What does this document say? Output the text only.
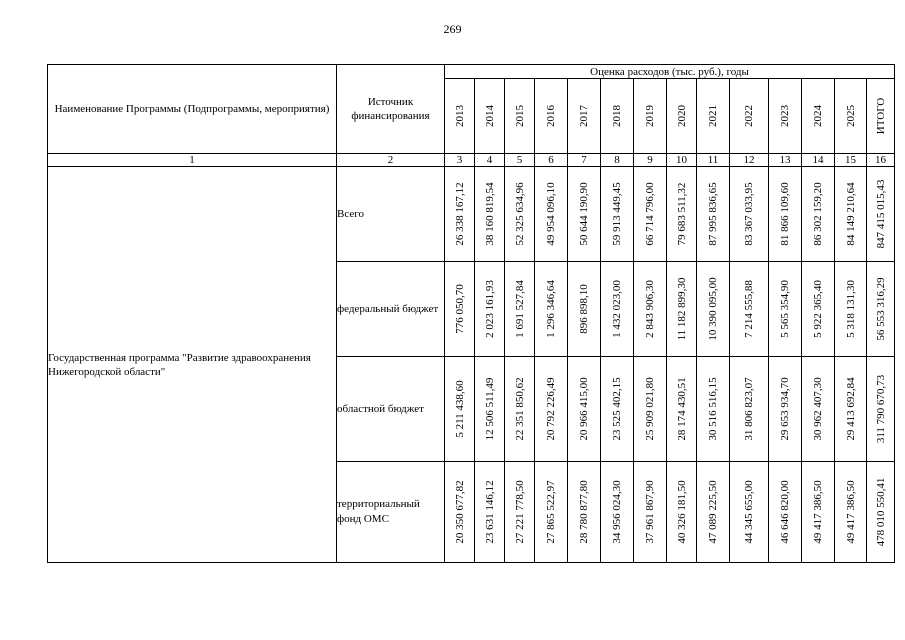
269
Наименование Программы (Подпрограммы, мероприятия)	Источник финансирования	Оценка расходов (тыс. руб.), годы													

		2013	2014	2015	2016	2017	2018	2019	2020	2021	2022	2023	2024	2025	ИТОГО

1	2	3	4	5	6	7	8	9	10	11	12	13	14	15	16
Государственная программа "Развитие здравоохранения Нижегородской области"	Всего	26 338 167,12	38 160 819,54	52 325 634,96	49 954 096,10	50 644 190,90	59 913 449,45	66 714 796,00	79 683 511,32	87 995 836,65	83 367 033,95	81 866 109,60	86 302 159,20	84 149 210,64	847 415 015,43

	федеральный бюджет	776 050,70	2 023 161,93	1 691 527,84	1 296 346,64	896 898,10	1 432 023,00	2 843 906,30	11 182 899,30	10 390 095,00	7 214 555,88	5 565 354,90	5 922 365,40	5 318 131,30	56 553 316,29

	областной бюджет	5 211 438,60	12 506 511,49	22 351 850,62	20 792 226,49	20 966 415,00	23 525 402,15	25 909 021,80	28 174 430,51	30 516 516,15	31 806 823,07	29 653 934,70	30 962 407,30	29 413 692,84	311 790 670,73

	территориальный фонд ОМС	20 350 677,82	23 631 146,12	27 221 778,50	27 865 522,97	28 780 877,80	34 956 024,30	37 961 867,90	40 326 181,50	47 089 225,50	44 345 655,00	46 646 820,00	49 417 386,50	49 417 386,50	478 010 550,41
